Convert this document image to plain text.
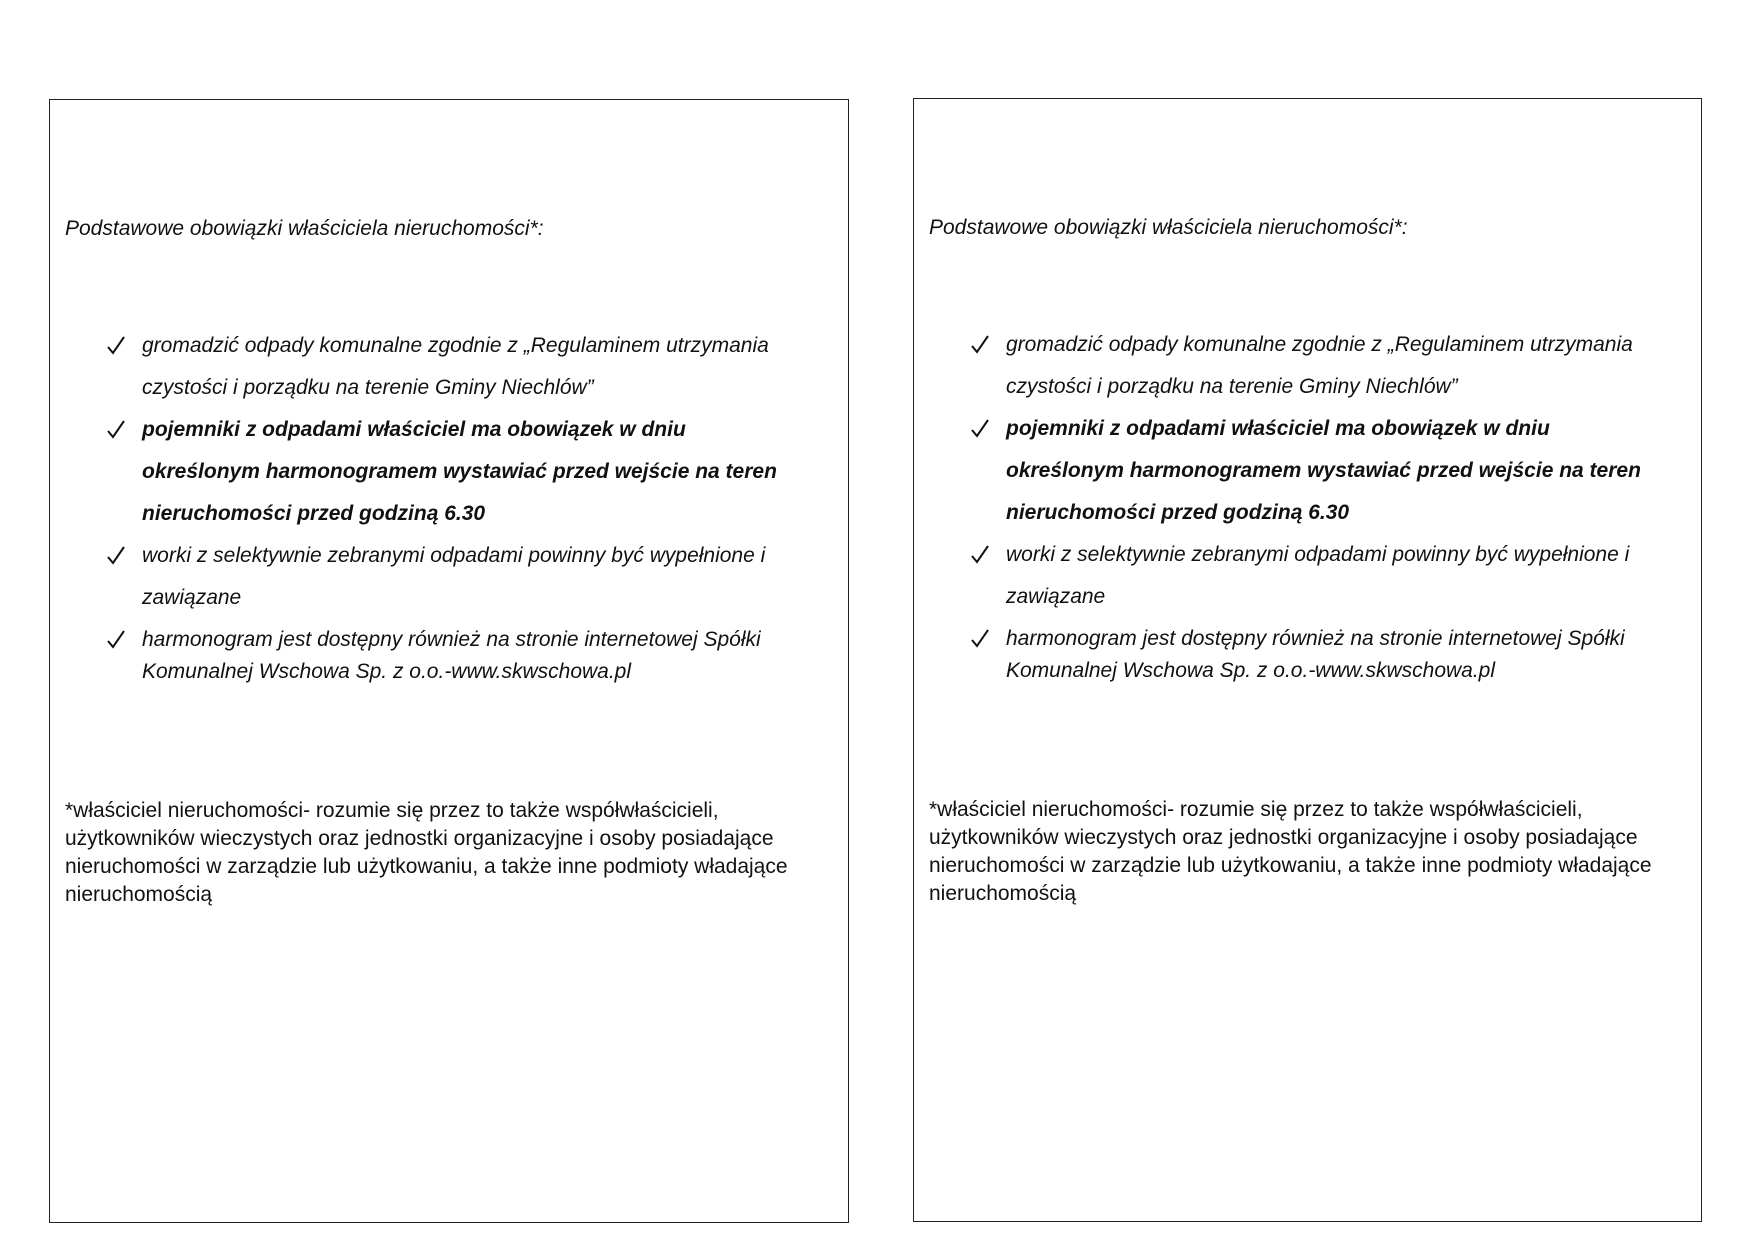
Podstawowe obowiązki właściciela nieruchomości*:
gromadzić odpady komunalne zgodnie z „Regulaminem utrzymania czystości i porządku na terenie Gminy Niechlów”
pojemniki z odpadami właściciel ma obowiązek w dniu określonym harmonogramem wystawiać przed wejście na teren nieruchomości przed godziną 6.30
worki z selektywnie zebranymi odpadami powinny być wypełnione i zawiązane
harmonogram jest dostępny również na stronie internetowej Spółki Komunalnej Wschowa Sp. z o.o.-www.skwschowa.pl
*właściciel nieruchomości- rozumie się przez to także współwłaścicieli, użytkowników wieczystych oraz jednostki organizacyjne i osoby posiadające nieruchomości w zarządzie lub użytkowaniu, a także inne podmioty władające nieruchomością
Podstawowe obowiązki właściciela nieruchomości*:
gromadzić odpady komunalne zgodnie z „Regulaminem utrzymania czystości i porządku na terenie Gminy Niechlów”
pojemniki z odpadami właściciel ma obowiązek w dniu określonym harmonogramem wystawiać przed wejście na teren nieruchomości przed godziną 6.30
worki z selektywnie zebranymi odpadami powinny być wypełnione i zawiązane
harmonogram jest dostępny również na stronie internetowej Spółki Komunalnej Wschowa Sp. z o.o.-www.skwschowa.pl
*właściciel nieruchomości- rozumie się przez to także współwłaścicieli, użytkowników wieczystych oraz jednostki organizacyjne i osoby posiadające nieruchomości w zarządzie lub użytkowaniu, a także inne podmioty władające nieruchomością
